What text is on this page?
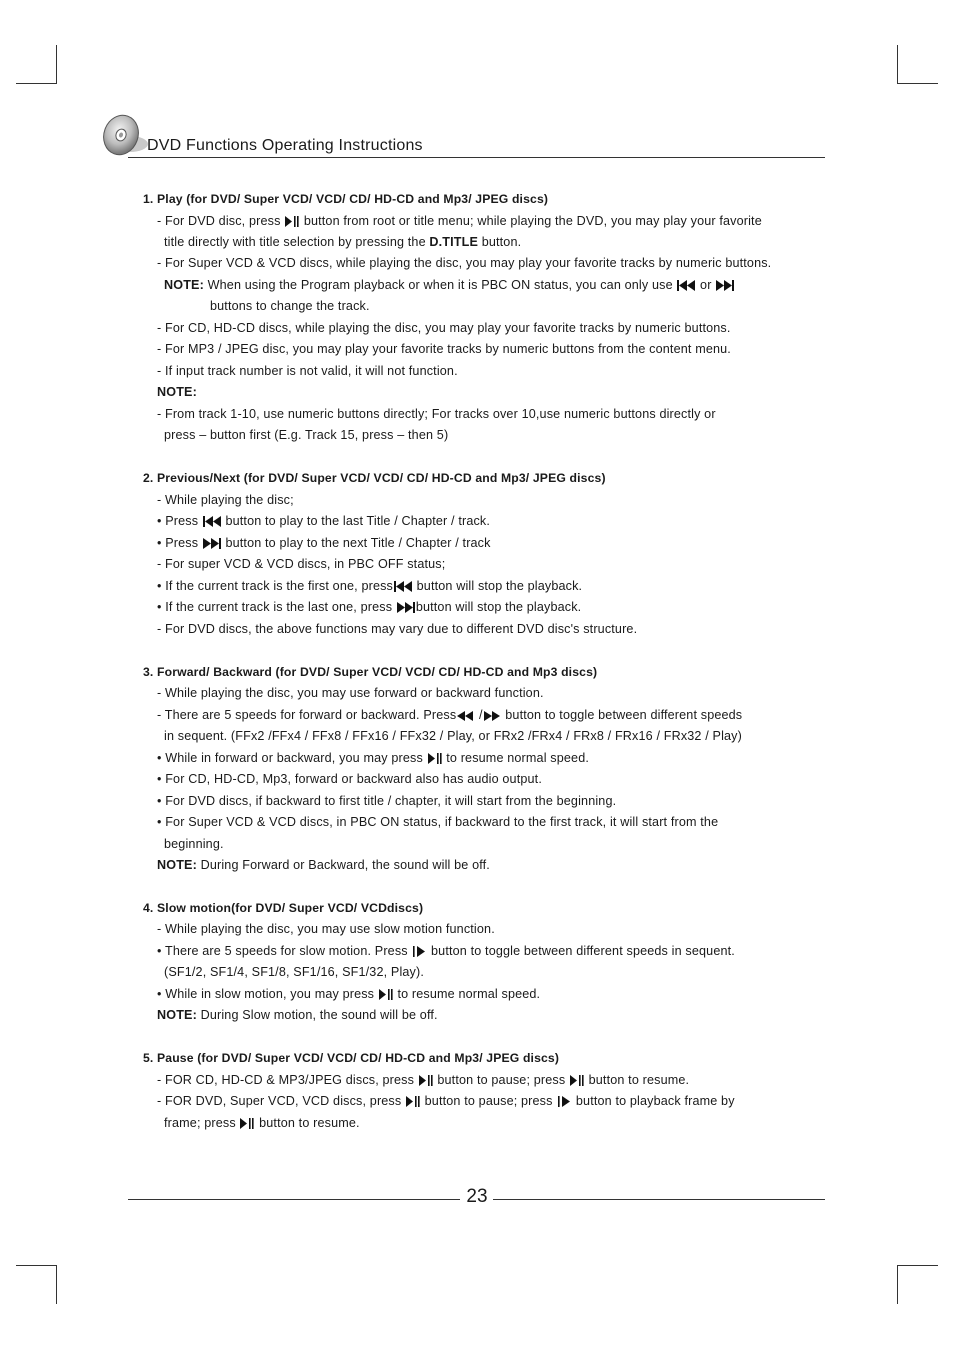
DVD Functions Operating Instructions
1. Play (for DVD/ Super VCD/ VCD/ CD/ HD-CD and Mp3/ JPEG discs)
- For DVD disc, press button from root or title menu; while playing the DVD, you may play your favorite
title directly with title selection by pressing the D.TITLE button.
- For Super VCD & VCD discs, while playing the disc, you may play your favorite tracks by numeric buttons.
NOTE: When using the Program playback or when it is PBC ON status, you can only use or
buttons to change the track.
- For CD, HD-CD discs, while playing the disc, you may play your favorite tracks by numeric buttons.
- For MP3 / JPEG disc, you may play your favorite tracks by numeric buttons from the content menu.
- If input track number is not valid, it will not function.
NOTE:
- From track 1-10, use numeric buttons directly; For tracks over 10,use numeric buttons directly or
press – button first (E.g. Track 15, press – then 5)
2. Previous/Next (for DVD/ Super VCD/ VCD/ CD/ HD-CD and Mp3/ JPEG discs)
- While playing the disc;
• Press button to play to the last Title / Chapter / track.
• Press button to play to the next Title / Chapter / track
- For super VCD & VCD discs, in PBC OFF status;
• If the current track is the first one, press button will stop the playback.
• If the current track is the last one, press button will stop the playback.
- For DVD discs, the above functions may vary due to different DVD disc's structure.
3. Forward/ Backward (for DVD/ Super VCD/ VCD/ CD/ HD-CD and Mp3 discs)
- While playing the disc, you may use forward or backward function.
- There are 5 speeds for forward or backward. Press / button to toggle between different speeds
in sequent. (FFx2 /FFx4 / FFx8 / FFx16 / FFx32 / Play, or FRx2 /FRx4 / FRx8 / FRx16 / FRx32 / Play)
• While in forward or backward, you may press to resume normal speed.
• For CD, HD-CD, Mp3, forward or backward also has audio output.
• For DVD discs, if backward to first title / chapter, it will start from the beginning.
• For Super VCD & VCD discs, in PBC ON status, if backward to the first track, it will start from the
beginning.
NOTE: During Forward or Backward, the sound will be off.
4. Slow motion(for DVD/ Super VCD/ VCDdiscs)
- While playing the disc, you may use slow motion function.
• There are 5 speeds for slow motion. Press button to toggle between different speeds in sequent.
(SF1/2, SF1/4, SF1/8, SF1/16, SF1/32, Play).
• While in slow motion, you may press to resume normal speed.
NOTE: During Slow motion, the sound will be off.
5. Pause (for DVD/ Super VCD/ VCD/ CD/ HD-CD and Mp3/ JPEG discs)
- FOR CD, HD-CD & MP3/JPEG discs, press button to pause; press button to resume.
- FOR DVD, Super VCD, VCD discs, press button to pause; press button to playback frame by
frame; press button to resume.
23
